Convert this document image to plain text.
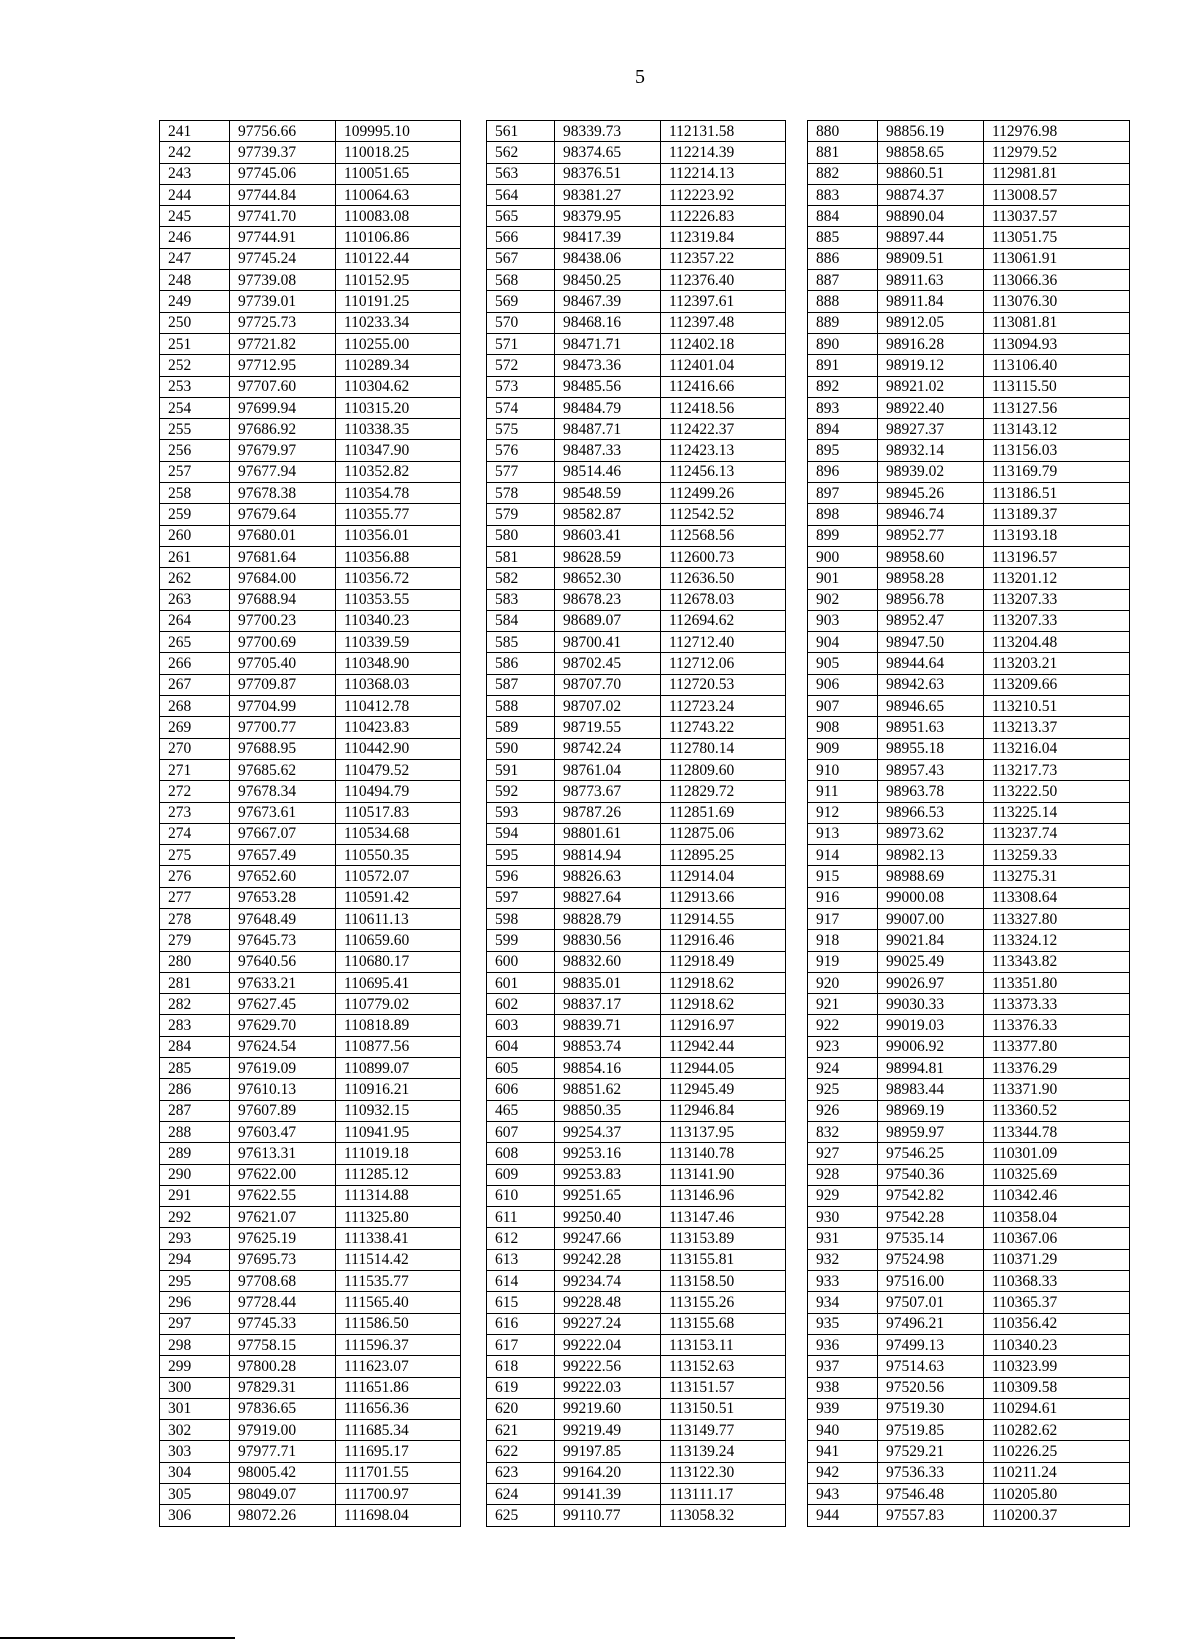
5
241	97756.66	109995.10		561	98339.73	112131.58		880	98856.19	112976.98
242	97739.37	110018.25		562	98374.65	112214.39		881	98858.65	112979.52
243	97745.06	110051.65		563	98376.51	112214.13		882	98860.51	112981.81
244	97744.84	110064.63		564	98381.27	112223.92		883	98874.37	113008.57
245	97741.70	110083.08		565	98379.95	112226.83		884	98890.04	113037.57
246	97744.91	110106.86		566	98417.39	112319.84		885	98897.44	113051.75
247	97745.24	110122.44		567	98438.06	112357.22		886	98909.51	113061.91
248	97739.08	110152.95		568	98450.25	112376.40		887	98911.63	113066.36
249	97739.01	110191.25		569	98467.39	112397.61		888	98911.84	113076.30
250	97725.73	110233.34		570	98468.16	112397.48		889	98912.05	113081.81
251	97721.82	110255.00		571	98471.71	112402.18		890	98916.28	113094.93
252	97712.95	110289.34		572	98473.36	112401.04		891	98919.12	113106.40
253	97707.60	110304.62		573	98485.56	112416.66		892	98921.02	113115.50
254	97699.94	110315.20		574	98484.79	112418.56		893	98922.40	113127.56
255	97686.92	110338.35		575	98487.71	112422.37		894	98927.37	113143.12
256	97679.97	110347.90		576	98487.33	112423.13		895	98932.14	113156.03
257	97677.94	110352.82		577	98514.46	112456.13		896	98939.02	113169.79
258	97678.38	110354.78		578	98548.59	112499.26		897	98945.26	113186.51
259	97679.64	110355.77		579	98582.87	112542.52		898	98946.74	113189.37
260	97680.01	110356.01		580	98603.41	112568.56		899	98952.77	113193.18
261	97681.64	110356.88		581	98628.59	112600.73		900	98958.60	113196.57
262	97684.00	110356.72		582	98652.30	112636.50		901	98958.28	113201.12
263	97688.94	110353.55		583	98678.23	112678.03		902	98956.78	113207.33
264	97700.23	110340.23		584	98689.07	112694.62		903	98952.47	113207.33
265	97700.69	110339.59		585	98700.41	112712.40		904	98947.50	113204.48
266	97705.40	110348.90		586	98702.45	112712.06		905	98944.64	113203.21
267	97709.87	110368.03		587	98707.70	112720.53		906	98942.63	113209.66
268	97704.99	110412.78		588	98707.02	112723.24		907	98946.65	113210.51
269	97700.77	110423.83		589	98719.55	112743.22		908	98951.63	113213.37
270	97688.95	110442.90		590	98742.24	112780.14		909	98955.18	113216.04
271	97685.62	110479.52		591	98761.04	112809.60		910	98957.43	113217.73
272	97678.34	110494.79		592	98773.67	112829.72		911	98963.78	113222.50
273	97673.61	110517.83		593	98787.26	112851.69		912	98966.53	113225.14
274	97667.07	110534.68		594	98801.61	112875.06		913	98973.62	113237.74
275	97657.49	110550.35		595	98814.94	112895.25		914	98982.13	113259.33
276	97652.60	110572.07		596	98826.63	112914.04		915	98988.69	113275.31
277	97653.28	110591.42		597	98827.64	112913.66		916	99000.08	113308.64
278	97648.49	110611.13		598	98828.79	112914.55		917	99007.00	113327.80
279	97645.73	110659.60		599	98830.56	112916.46		918	99021.84	113324.12
280	97640.56	110680.17		600	98832.60	112918.49		919	99025.49	113343.82
281	97633.21	110695.41		601	98835.01	112918.62		920	99026.97	113351.80
282	97627.45	110779.02		602	98837.17	112918.62		921	99030.33	113373.33
283	97629.70	110818.89		603	98839.71	112916.97		922	99019.03	113376.33
284	97624.54	110877.56		604	98853.74	112942.44		923	99006.92	113377.80
285	97619.09	110899.07		605	98854.16	112944.05		924	98994.81	113376.29
286	97610.13	110916.21		606	98851.62	112945.49		925	98983.44	113371.90
287	97607.89	110932.15		465	98850.35	112946.84		926	98969.19	113360.52
288	97603.47	110941.95		607	99254.37	113137.95		832	98959.97	113344.78
289	97613.31	111019.18		608	99253.16	113140.78		927	97546.25	110301.09
290	97622.00	111285.12		609	99253.83	113141.90		928	97540.36	110325.69
291	97622.55	111314.88		610	99251.65	113146.96		929	97542.82	110342.46
292	97621.07	111325.80		611	99250.40	113147.46		930	97542.28	110358.04
293	97625.19	111338.41		612	99247.66	113153.89		931	97535.14	110367.06
294	97695.73	111514.42		613	99242.28	113155.81		932	97524.98	110371.29
295	97708.68	111535.77		614	99234.74	113158.50		933	97516.00	110368.33
296	97728.44	111565.40		615	99228.48	113155.26		934	97507.01	110365.37
297	97745.33	111586.50		616	99227.24	113155.68		935	97496.21	110356.42
298	97758.15	111596.37		617	99222.04	113153.11		936	97499.13	110340.23
299	97800.28	111623.07		618	99222.56	113152.63		937	97514.63	110323.99
300	97829.31	111651.86		619	99222.03	113151.57		938	97520.56	110309.58
301	97836.65	111656.36		620	99219.60	113150.51		939	97519.30	110294.61
302	97919.00	111685.34		621	99219.49	113149.77		940	97519.85	110282.62
303	97977.71	111695.17		622	99197.85	113139.24		941	97529.21	110226.25
304	98005.42	111701.55		623	99164.20	113122.30		942	97536.33	110211.24
305	98049.07	111700.97		624	99141.39	113111.17		943	97546.48	110205.80
306	98072.26	111698.04		625	99110.77	113058.32		944	97557.83	110200.37
